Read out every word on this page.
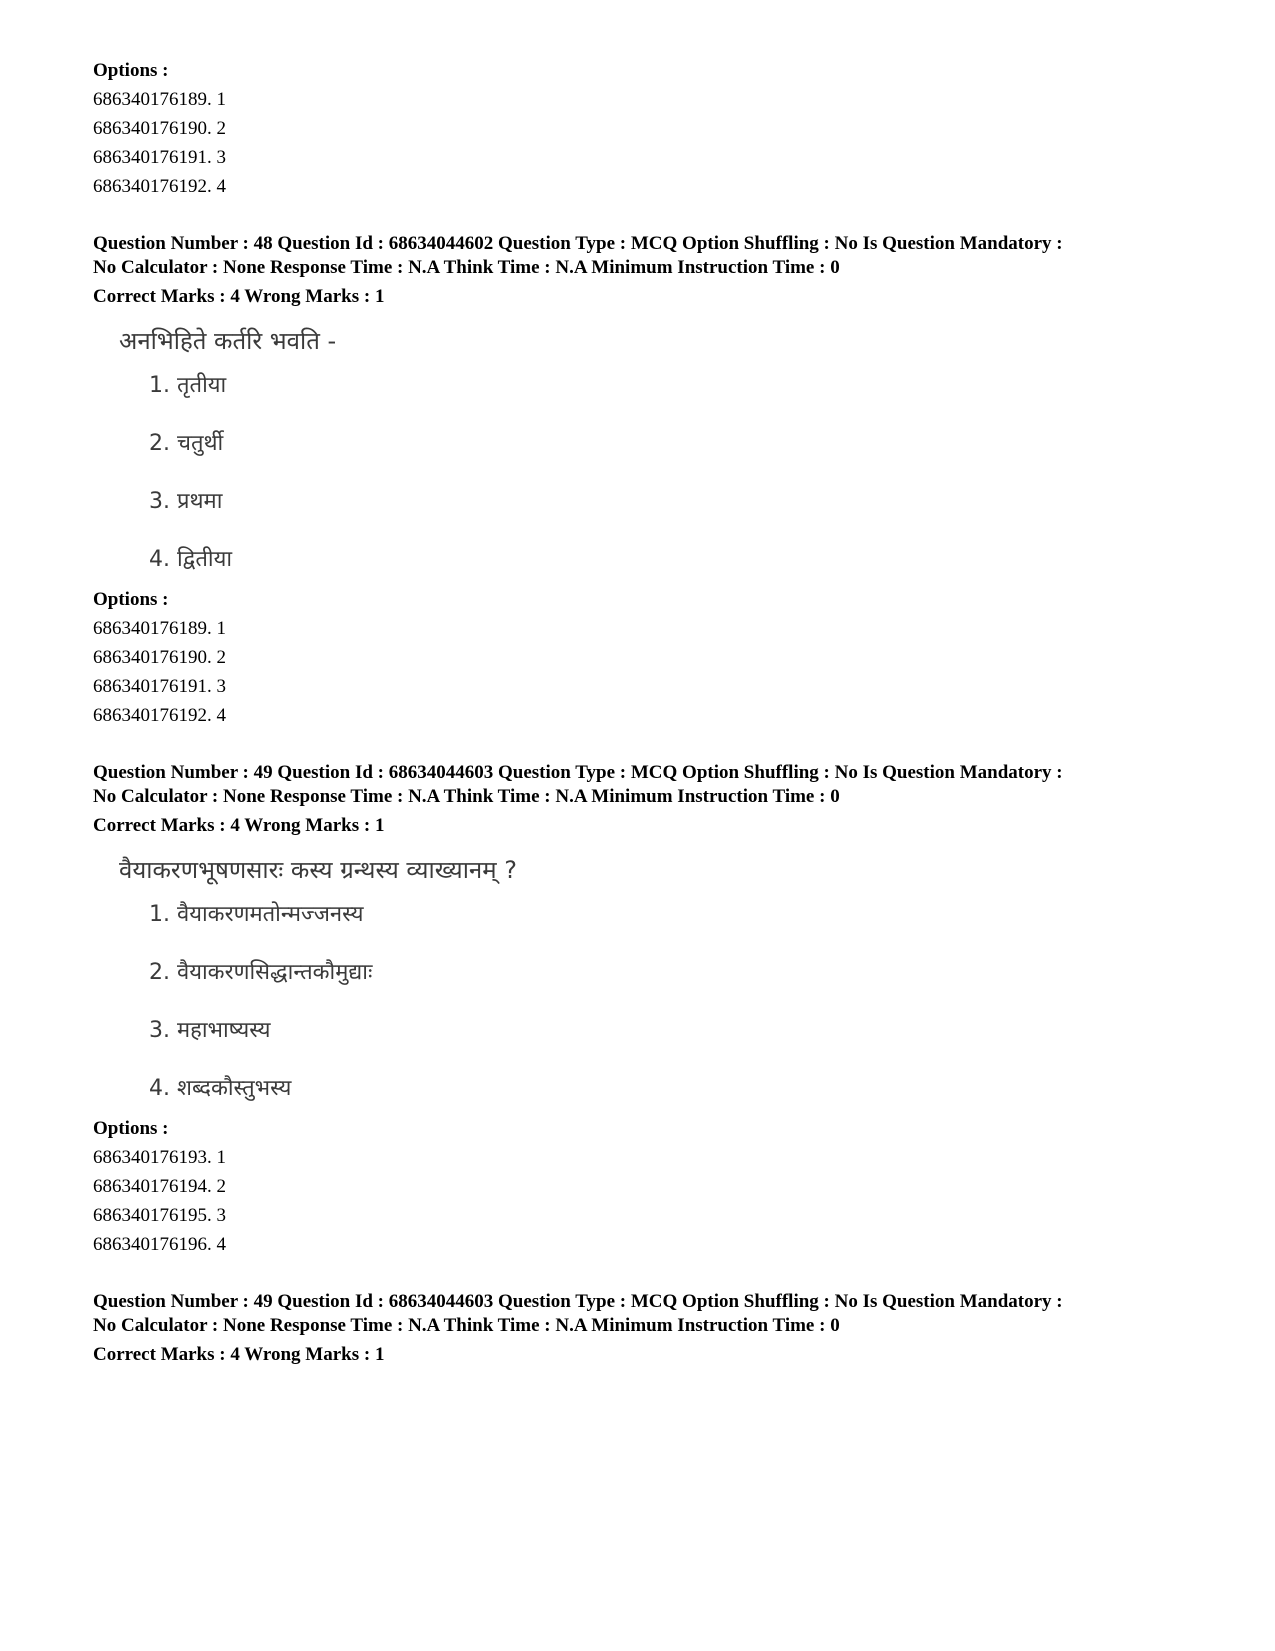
Options :
686340176189. 1
686340176190. 2
686340176191. 3
686340176192. 4
Question Number : 48 Question Id : 68634044602 Question Type : MCQ Option Shuffling : No Is Question Mandatory :
No Calculator : None Response Time : N.A Think Time : N.A Minimum Instruction Time : 0
Correct Marks : 4 Wrong Marks : 1
अनभिहिते कर्तरि भवति -
1. तृतीया
2. चतुर्थी
3. प्रथमा
4. द्वितीया
Options :
686340176189. 1
686340176190. 2
686340176191. 3
686340176192. 4
Question Number : 49 Question Id : 68634044603 Question Type : MCQ Option Shuffling : No Is Question Mandatory :
No Calculator : None Response Time : N.A Think Time : N.A Minimum Instruction Time : 0
Correct Marks : 4 Wrong Marks : 1
वैयाकरणभूषणसारः कस्य ग्रन्थस्य व्याख्यानम् ?
1. वैयाकरणमतोन्मज्जनस्य
2. वैयाकरणसिद्धान्तकौमुद्याः
3. महाभाष्यस्य
4. शब्दकौस्तुभस्य
Options :
686340176193. 1
686340176194. 2
686340176195. 3
686340176196. 4
Question Number : 49 Question Id : 68634044603 Question Type : MCQ Option Shuffling : No Is Question Mandatory :
No Calculator : None Response Time : N.A Think Time : N.A Minimum Instruction Time : 0
Correct Marks : 4 Wrong Marks : 1
